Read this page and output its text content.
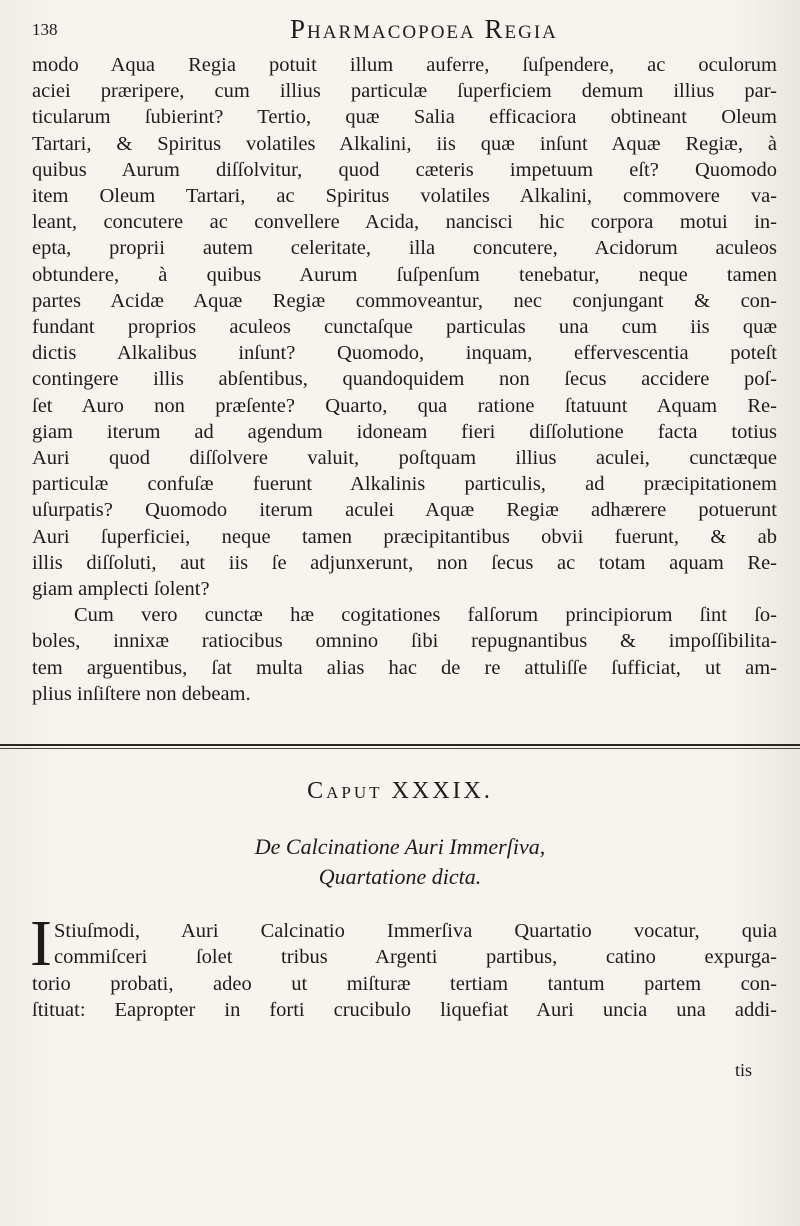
138	Pharmacopoea Regia
modo Aqua Regia potuit illum auferre, ſuſpendere, ac oculorum
aciei præripere, cum illius particulæ ſuperficiem demum illius par-
ticularum ſubierint? Tertio, quæ Salia efficaciora obtineant Oleum
Tartari, & Spiritus volatiles Alkalini, iis quæ inſunt Aquæ Regiæ, à
quibus Aurum diſſolvitur, quod cæteris impetuum eſt? Quomodo
item Oleum Tartari, ac Spiritus volatiles Alkalini, commovere va-
leant, concutere ac convellere Acida, nancisci hic corpora motui in-
epta, proprii autem celeritate, illa concutere, Acidorum aculeos
obtundere, à quibus Aurum ſuſpenſum tenebatur, neque tamen
partes Acidæ Aquæ Regiæ commoveantur, nec conjungant & con-
fundant proprios aculeos cunctaſque particulas una cum iis quæ
dictis Alkalibus inſunt? Quomodo, inquam, effervescentia poteſt
contingere illis abſentibus, quandoquidem non ſecus accidere poſ-
ſet Auro non præſente? Quarto, qua ratione ſtatuunt Aquam Re-
giam iterum ad agendum idoneam fieri diſſolutione facta totius
Auri quod diſſolvere valuit, poſtquam illius aculei, cunctæque
particulæ confuſæ fuerunt Alkalinis particulis, ad præcipitationem
uſurpatis? Quomodo iterum aculei Aquæ Regiæ adhærere potuerunt
Auri ſuperficiei, neque tamen præcipitantibus obvii fuerunt, & ab
illis diſſoluti, aut iis ſe adjunxerunt, non ſecus ac totam aquam Re-
giam amplecti ſolent?
Cum vero cunctæ hæ cogitationes falſorum principiorum ſint ſo-
boles, innixæ ratiocibus omnino ſibi repugnantibus & impoſſibilita-
tem arguentibus, ſat multa alias hac de re attuliſſe ſufficiat, ut am-
plius inſiſtere non debeam.
Caput XXXIX.
De Calcinatione Auri Immerſiva,
Quartatione dicta.
I Stiuſmodi, Auri Calcinatio Immerſiva Quartatio vocatur, quia
commiſceri ſolet tribus Argenti partibus, catino expurga-
torio probati, adeo ut miſturæ tertiam tantum partem con-
ſtituat: Eapropter in forti crucibulo liquefiat Auri uncia una addi-
tis
